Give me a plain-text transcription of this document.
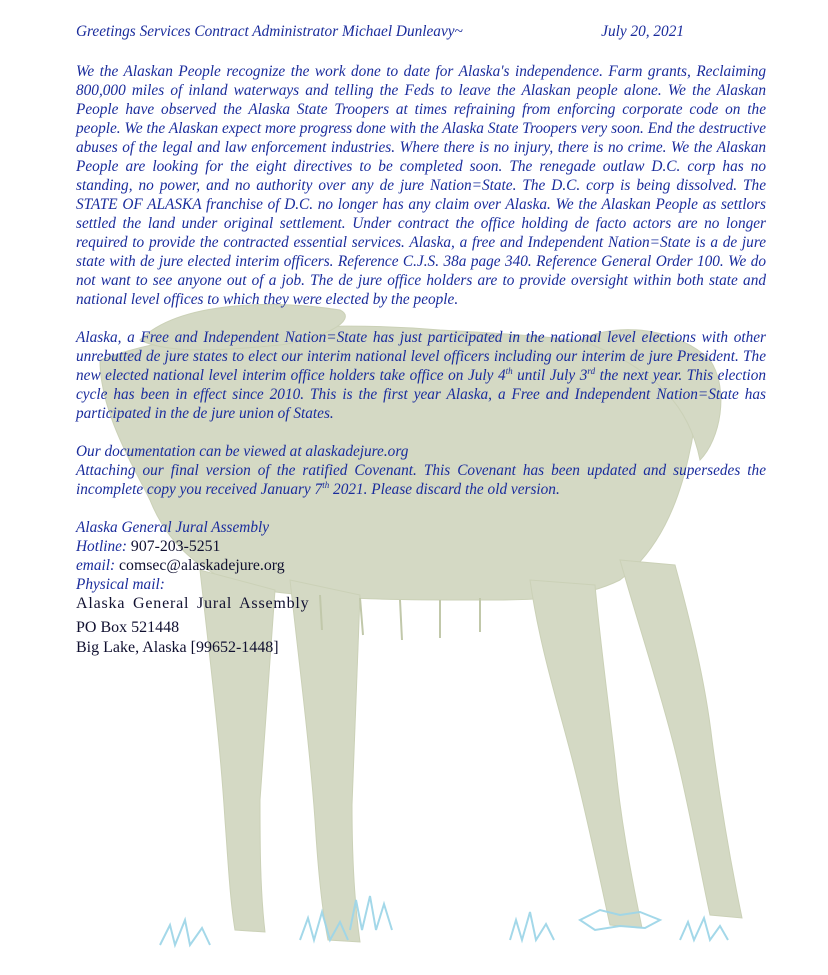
Greetings Services Contract Administrator Michael Dunleavy~	July 20, 2021

We the Alaskan People recognize the work done to date for Alaska's independence. Farm grants, Reclaiming 800,000 miles of inland waterways and telling the Feds to leave the Alaskan people alone. We the Alaskan People have observed the Alaska State Troopers at times refraining from enforcing corporate code on the people. We the Alaskan expect more progress done with the Alaska State Troopers very soon. End the destructive abuses of the legal and law enforcement industries. Where there is no injury, there is no crime. We the Alaskan People are looking for the eight directives to be completed soon. The renegade outlaw D.C. corp has no standing, no power, and no authority over any de jure Nation=State. The D.C. corp is being dissolved. The STATE OF ALASKA franchise of D.C. no longer has any claim over Alaska. We the Alaskan People as settlors settled the land under original settlement. Under contract the office holding de facto actors are no longer required to provide the contracted essential services. Alaska, a free and Independent Nation=State is a de jure state with de jure elected interim officers. Reference C.J.S. 38a page 340. Reference General Order 100. We do not want to see anyone out of a job. The de jure office holders are to provide oversight within both state and national level offices to which they were elected by the people.

Alaska, a Free and Independent Nation=State has just participated in the national level elections with other unrebutted de jure states to elect our interim national level officers including our interim de jure President. The new elected national level interim office holders take office on July 4th until July 3rd the next year. This election cycle has been in effect since 2010. This is the first year Alaska, a Free and Independent Nation=State has participated in the de jure union of States.

Our documentation can be viewed at alaskadejure.org
Attaching our final version of the ratified Covenant. This Covenant has been updated and supersedes the incomplete copy you received January 7th 2021. Please discard the old version.

Alaska General Jural Assembly

Hotline: 907-203-5251

email: comsec@alaskadejure.org

Physical mail:

Alaska General Jural Assembly

PO Box 521448

Big Lake, Alaska [99652-1448]
